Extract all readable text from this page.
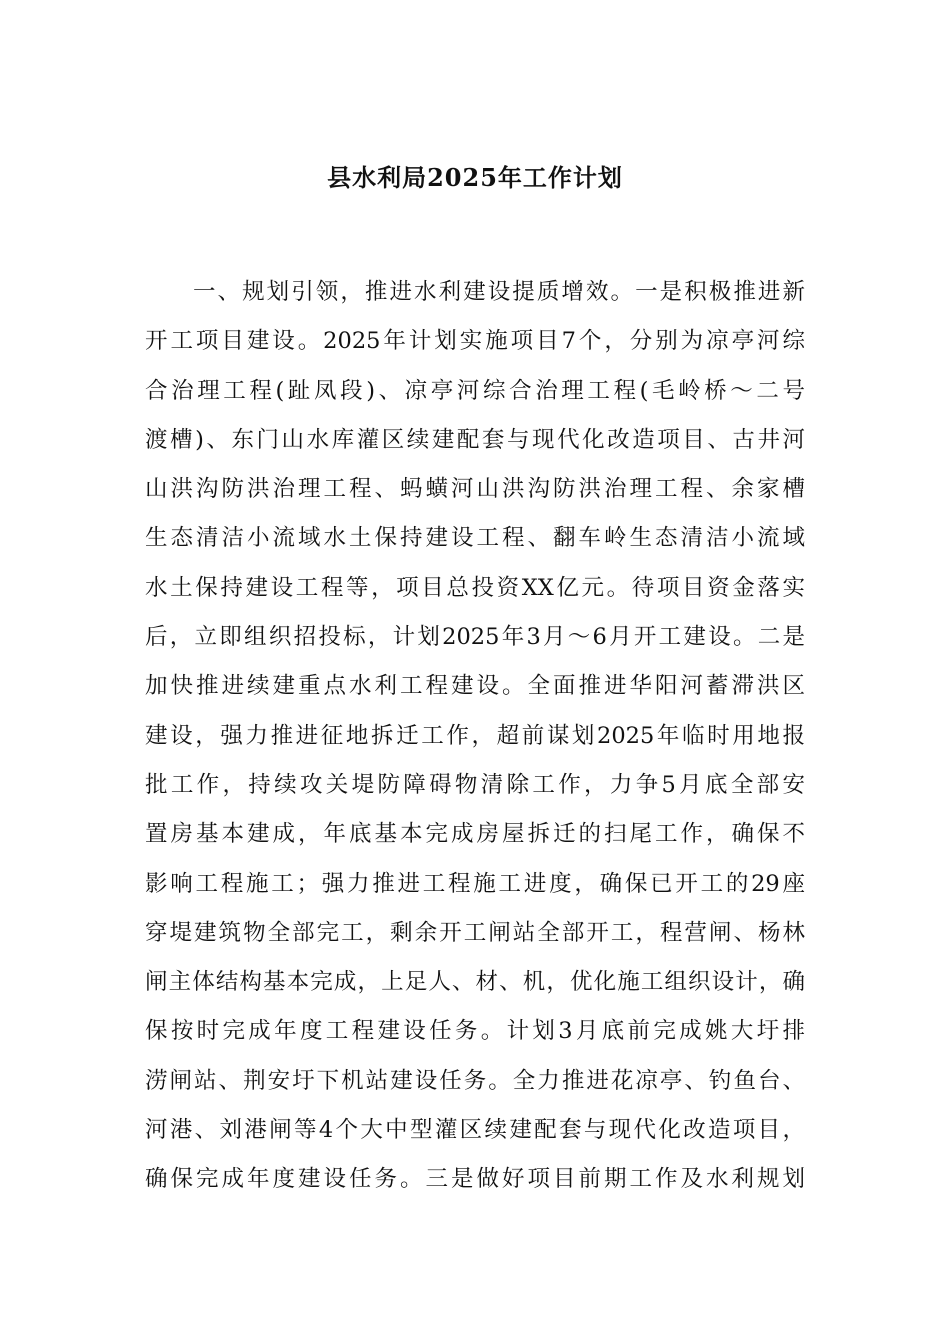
县水利局2025年工作计划
一、规划引领，推进水利建设提质增效。一是积极推进新
开工项目建设。2025年计划实施项目7个，分别为凉亭河综
合治理工程(趾凤段)、凉亭河综合治理工程(毛岭桥～二号
渡槽)、东门山水库灌区续建配套与现代化改造项目、古井河
山洪沟防洪治理工程、蚂蟥河山洪沟防洪治理工程、余家槽
生态清洁小流域水土保持建设工程、翻车岭生态清洁小流域
水土保持建设工程等，项目总投资XX亿元。待项目资金落实
后，立即组织招投标，计划2025年3月～6月开工建设。二是
加快推进续建重点水利工程建设。全面推进华阳河蓄滞洪区
建设，强力推进征地拆迁工作，超前谋划2025年临时用地报
批工作，持续攻关堤防障碍物清除工作，力争5月底全部安
置房基本建成，年底基本完成房屋拆迁的扫尾工作，确保不
影响工程施工；强力推进工程施工进度，确保已开工的29座
穿堤建筑物全部完工，剩余开工闸站全部开工，程营闸、杨林
闸主体结构基本完成，上足人、材、机，优化施工组织设计，确
保按时完成年度工程建设任务。计划3月底前完成姚大圩排
涝闸站、荆安圩下机站建设任务。全力推进花凉亭、钓鱼台、
河港、刘港闸等4个大中型灌区续建配套与现代化改造项目，
确保完成年度建设任务。三是做好项目前期工作及水利规划
